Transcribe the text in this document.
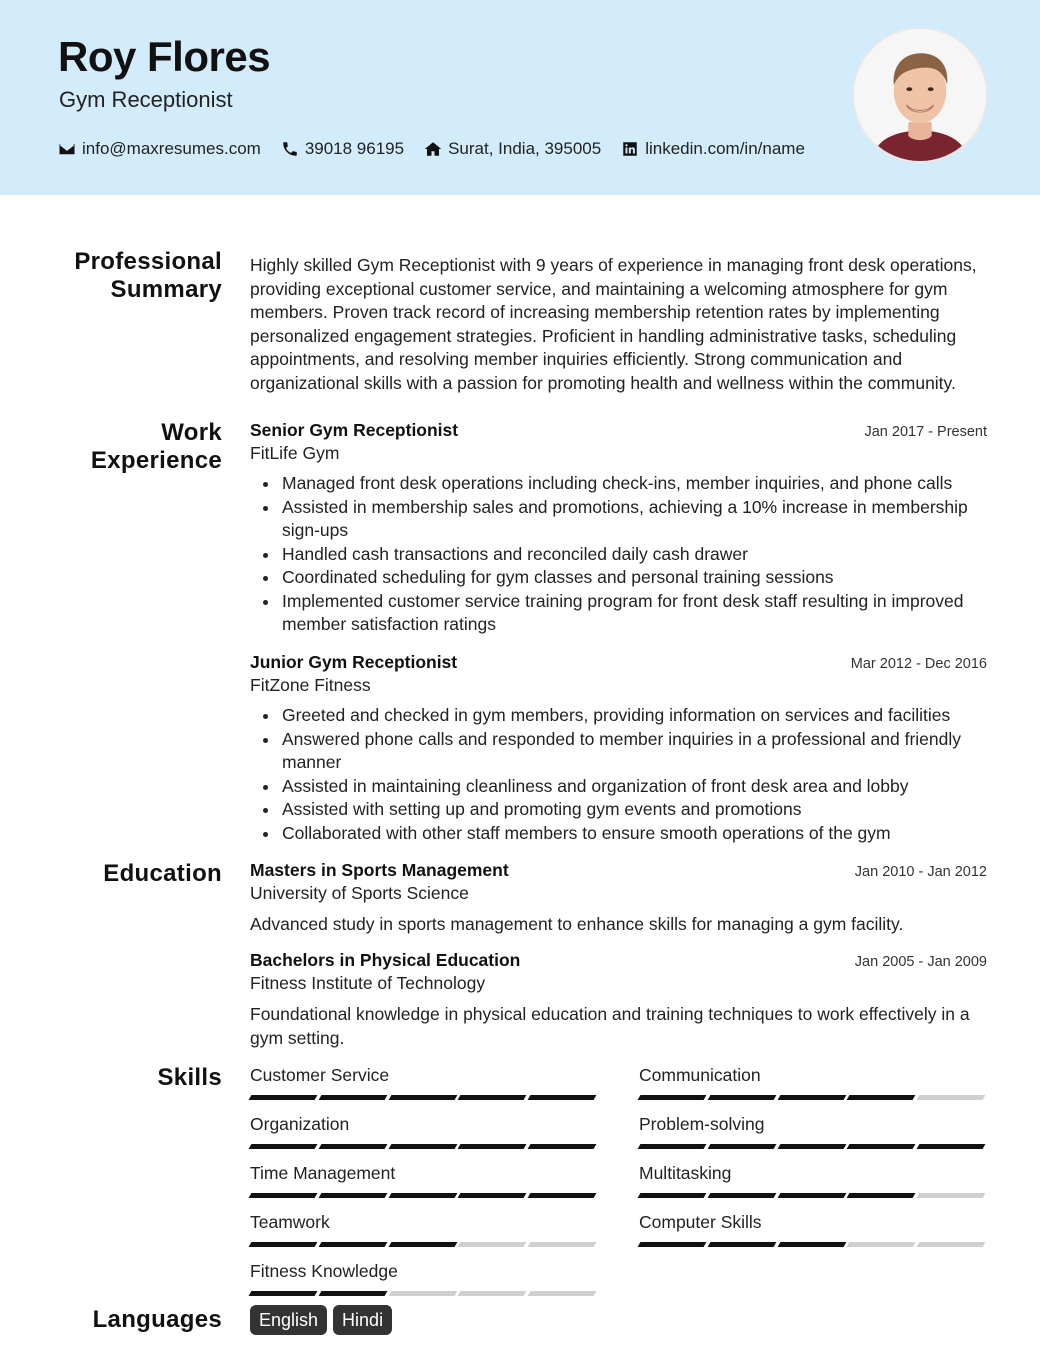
Roy Flores
Gym Receptionist
info@maxresumes.com	39018 96195	Surat, India, 395005	linkedin.com/in/name
Professional
Summary
Highly skilled Gym Receptionist with 9 years of experience in managing front desk operations, providing exceptional customer service, and maintaining a welcoming atmosphere for gym members. Proven track record of increasing membership retention rates by implementing personalized engagement strategies. Proficient in handling administrative tasks, scheduling appointments, and resolving member inquiries efficiently. Strong communication and organizational skills with a passion for promoting health and wellness within the community.
Work
Experience
Senior Gym Receptionist	Jan 2017 - Present
FitLife Gym
Managed front desk operations including check-ins, member inquiries, and phone calls
Assisted in membership sales and promotions, achieving a 10% increase in membership sign-ups
Handled cash transactions and reconciled daily cash drawer
Coordinated scheduling for gym classes and personal training sessions
Implemented customer service training program for front desk staff resulting in improved member satisfaction ratings
Junior Gym Receptionist	Mar 2012 - Dec 2016
FitZone Fitness
Greeted and checked in gym members, providing information on services and facilities
Answered phone calls and responded to member inquiries in a professional and friendly manner
Assisted in maintaining cleanliness and organization of front desk area and lobby
Assisted with setting up and promoting gym events and promotions
Collaborated with other staff members to ensure smooth operations of the gym
Education Masters in Sports Management	Jan 2010 - Jan 2012
University of Sports Science
Advanced study in sports management to enhance skills for managing a gym facility.
Bachelors in Physical Education	Jan 2005 - Jan 2009
Fitness Institute of Technology
Foundational knowledge in physical education and training techniques to work effectively in a gym setting.
Skills Customer Service	Communication
Organization	Problem-solving
Time Management	Multitasking
Teamwork	Computer Skills
Fitness Knowledge
Languages	English	Hindi
